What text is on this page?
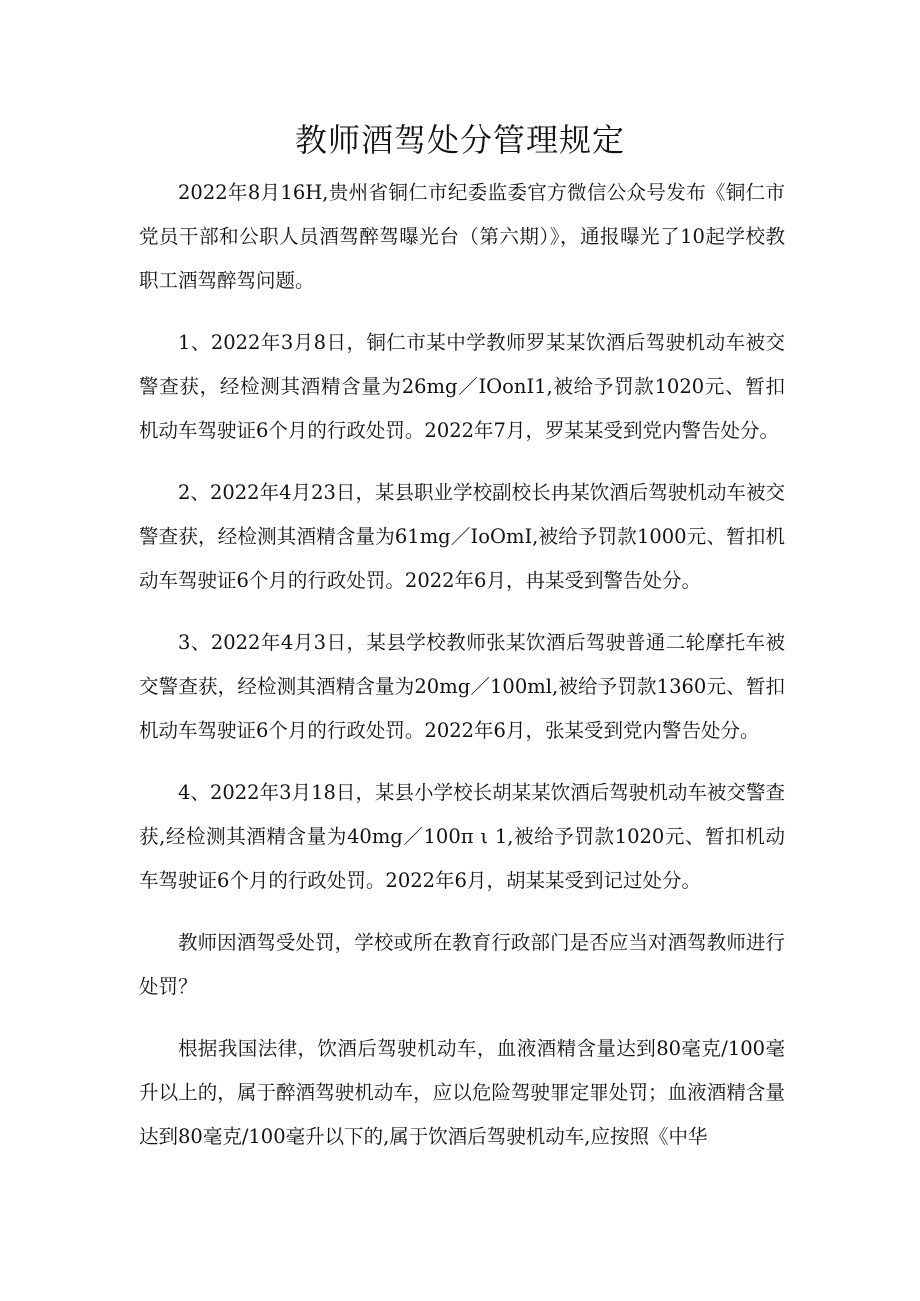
教师酒驾处分管理规定

2022年8月16H,贵州省铜仁市纪委监委官方微信公众号发布《铜仁市党员干部和公职人员酒驾醉驾曝光台（第六期）》，通报曝光了10起学校教职工酒驾醉驾问题。

1、2022年3月8日，铜仁市某中学教师罗某某饮酒后驾驶机动车被交警查获，经检测其酒精含量为26mg／IOonI1,被给予罚款1020元、暂扣机动车驾驶证6个月的行政处罚。2022年7月，罗某某受到党内警告处分。

2、2022年4月23日，某县职业学校副校长冉某饮酒后驾驶机动车被交警查获，经检测其酒精含量为61mg／IoOmI,被给予罚款1000元、暂扣机动车驾驶证6个月的行政处罚。2022年6月，冉某受到警告处分。

3、2022年4月3日，某县学校教师张某饮酒后驾驶普通二轮摩托车被交警查获，经检测其酒精含量为20mg／100ml,被给予罚款1360元、暂扣机动车驾驶证6个月的行政处罚。2022年6月，张某受到党内警告处分。

4、2022年3月18日，某县小学校长胡某某饮酒后驾驶机动车被交警查获,经检测其酒精含量为40mg／100π ι 1,被给予罚款1020元、暂扣机动车驾驶证6个月的行政处罚。2022年6月，胡某某受到记过处分。

教师因酒驾受处罚，学校或所在教育行政部门是否应当对酒驾教师进行处罚？

根据我国法律，饮酒后驾驶机动车，血液酒精含量达到80毫克/100毫升以上的，属于醉酒驾驶机动车，应以危险驾驶罪定罪处罚；血液酒精含量达到80毫克/100毫升以下的,属于饮酒后驾驶机动车,应按照《中华
